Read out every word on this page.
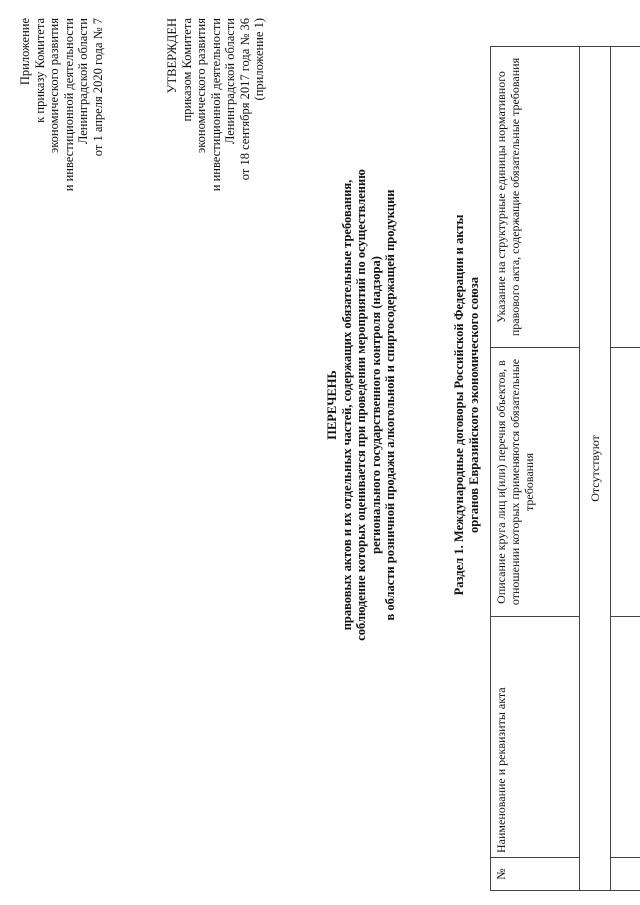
Приложение к приказу Комитета экономического развития и инвестиционной деятельности Ленинградской области от 1 апреля 2020 года № 7	УТВЕРЖДЕН приказом Комитета экономического развития и инвестиционной деятельности Ленинградской области от 18 сентября 2017 года № 36 (приложение 1)
ПЕРЕЧЕНЬ правовых актов и их отдельных частей, содержащих обязательные требования, соблюдение которых оценивается при проведении мероприятий по осуществлению регионального государственного контроля (надзора) в области розничной продажи алкогольной и спиртосодержащей продукции	Раздел 1. Международные договоры Российской Федерации и акты органов Евразийского экономического союза
№	Наименование и реквизиты акта	Описание круга лиц и(или) перечня объектов, в отношении которых применяются обязательные требования	Указание на структурные единицы нормативного правового акта, содержащие обязательные требования
Отсутствуют			
